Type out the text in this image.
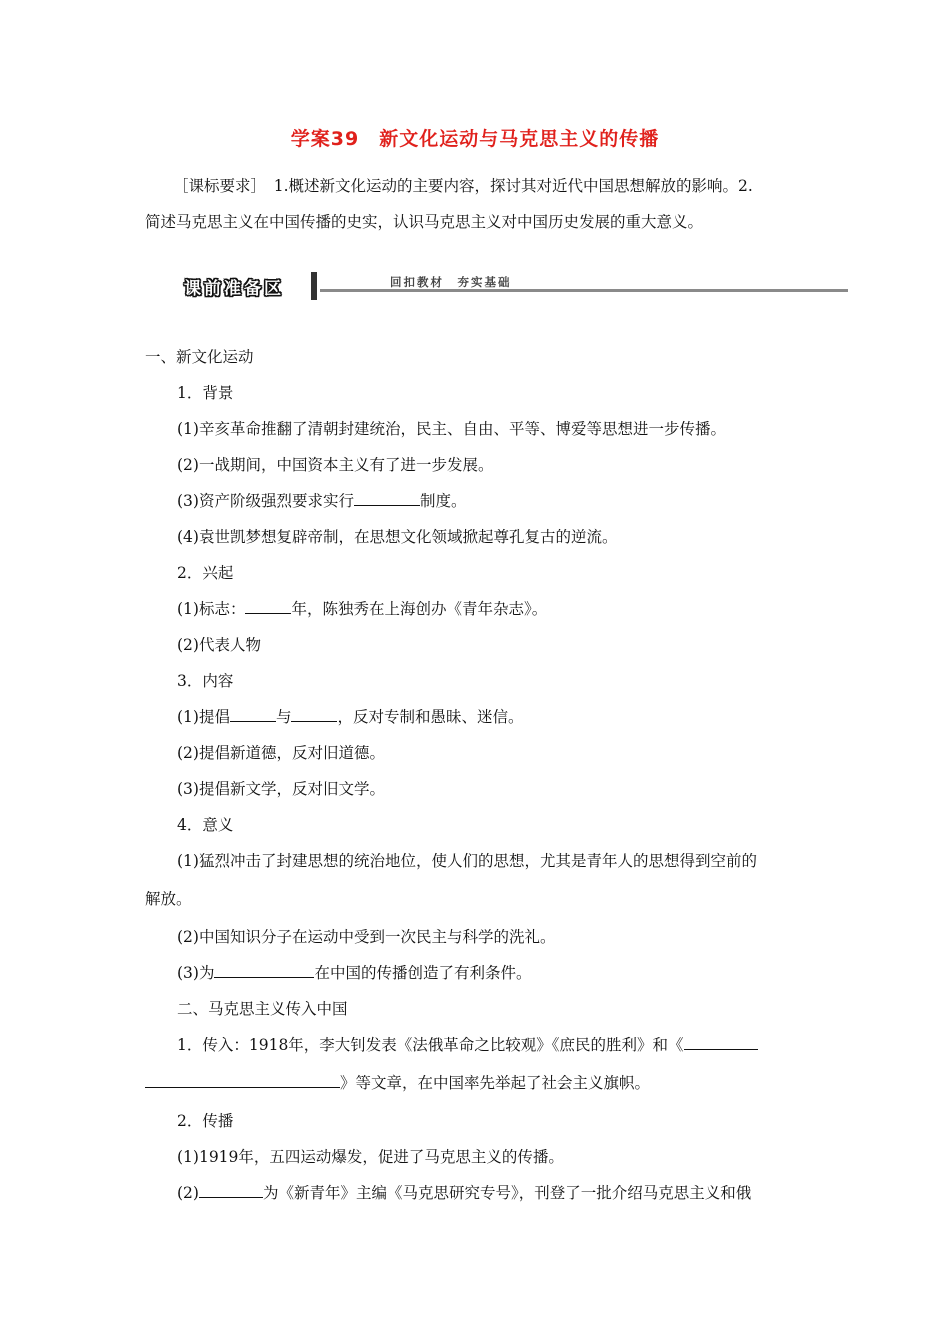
学案39　新文化运动与马克思主义的传播

［课标要求］　1.概述新文化运动的主要内容，探讨其对近代中国思想解放的影响。2.

简述马克思主义在中国传播的史实，认识马克思主义对中国历史发展的重大意义。

课前准备区	回扣教材　夯实基础
一、新文化运动
1．背景
(1)辛亥革命推翻了清朝封建统治，民主、自由、平等、博爱等思想进一步传播。
(2)一战期间，中国资本主义有了进一步发展。
(3)资产阶级强烈要求实行	制度。
(4)袁世凯梦想复辟帝制，在思想文化领域掀起尊孔复古的逆流。
2．兴起
(1)标志：	年，陈独秀在上海创办《青年杂志》。
(2)代表人物
3．内容
(1)提倡	与	，反对专制和愚昧、迷信。
(2)提倡新道德，反对旧道德。
(3)提倡新文学，反对旧文学。
4．意义
(1)猛烈冲击了封建思想的统治地位，使人们的思想，尤其是青年人的思想得到空前的
解放。
(2)中国知识分子在运动中受到一次民主与科学的洗礼。
(3)为	在中国的传播创造了有利条件。
二、马克思主义传入中国
1．传入：1918年，李大钊发表《法俄革命之比较观》《庶民的胜利》和《
》等文章，在中国率先举起了社会主义旗帜。
2．传播
(1)1919年，五四运动爆发，促进了马克思主义的传播。
(2)	为《新青年》主编《马克思研究专号》，刊登了一批介绍马克思主义和俄
